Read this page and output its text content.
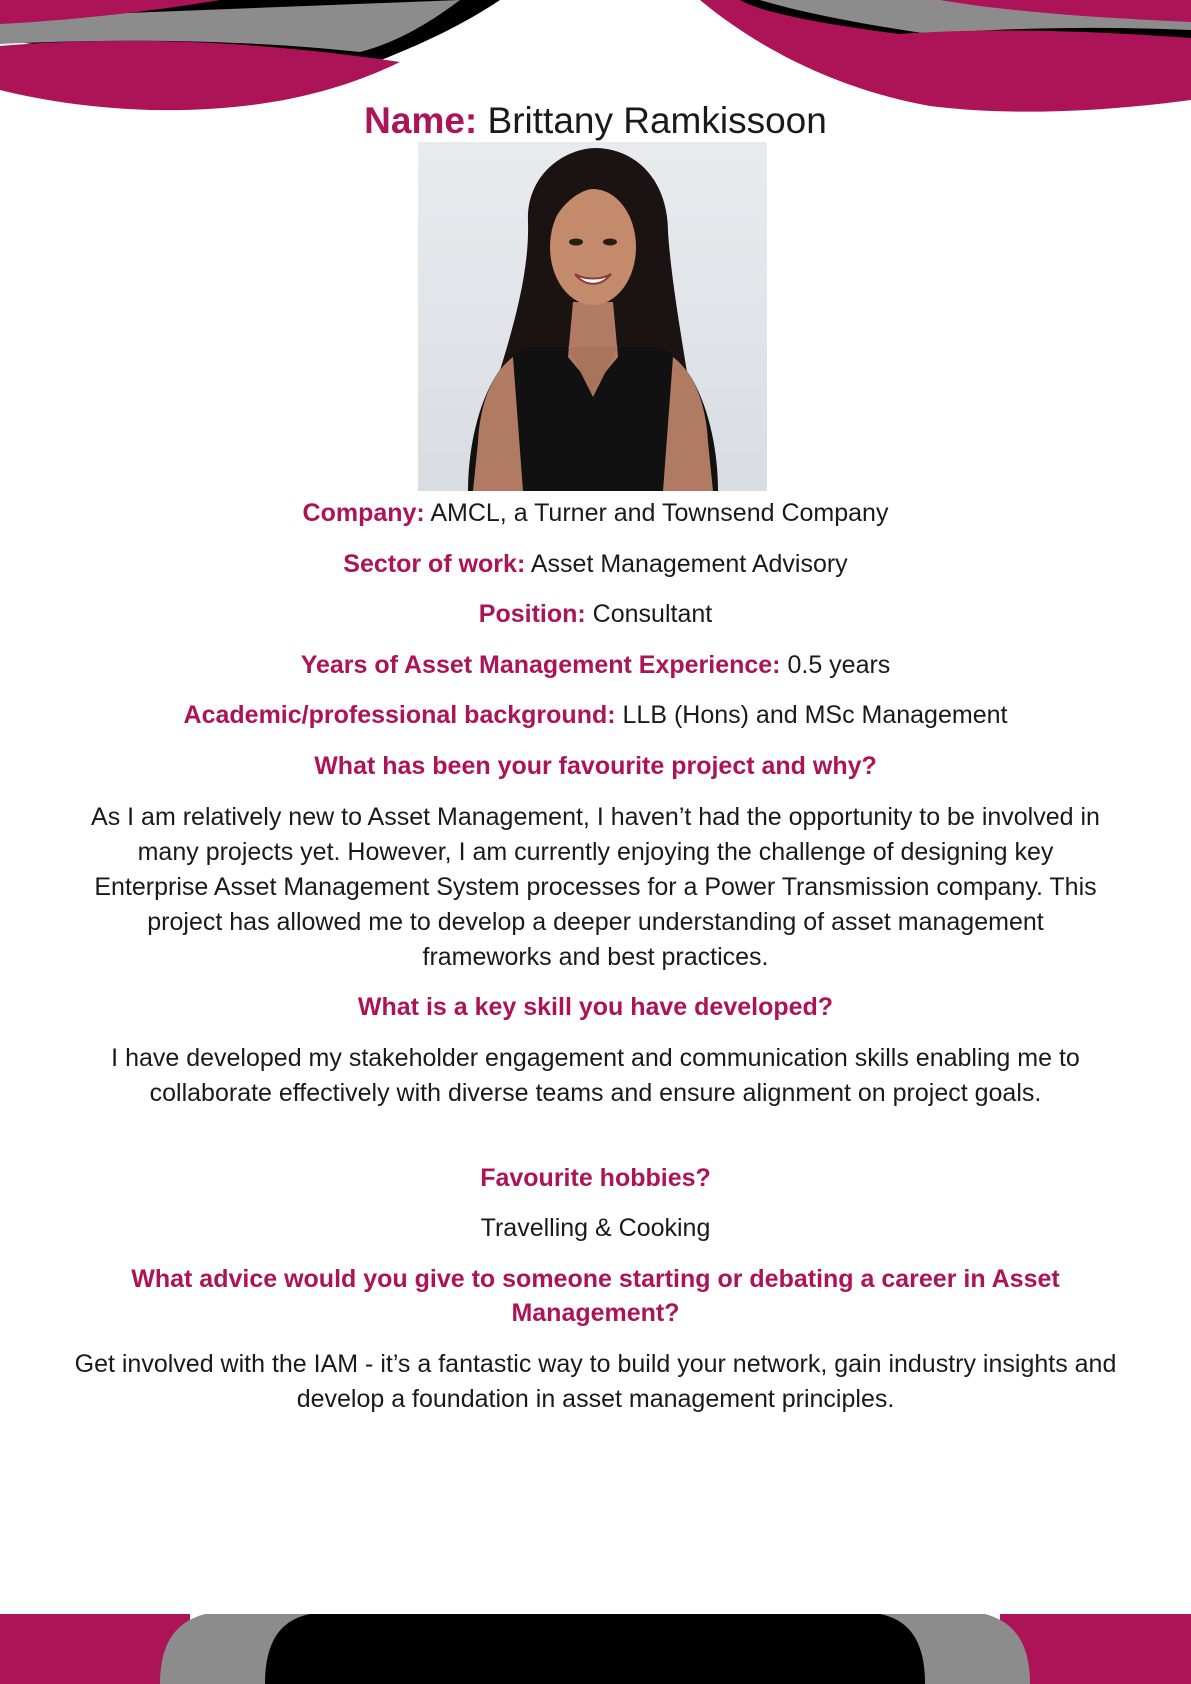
Name: Brittany Ramkissoon
Company: AMCL, a Turner and Townsend Company
Sector of work: Asset Management Advisory
Position: Consultant
Years of Asset Management Experience: 0.5 years
Academic/professional background: LLB (Hons) and MSc Management
What has been your favourite project and why?
As I am relatively new to Asset Management, I haven’t had the opportunity to be involved in many projects yet. However, I am currently enjoying the challenge of designing key Enterprise Asset Management System processes for a Power Transmission company. This project has allowed me to develop a deeper understanding of asset management frameworks and best practices.
What is a key skill you have developed?
I have developed my stakeholder engagement and communication skills enabling me to collaborate effectively with diverse teams and ensure alignment on project goals.
Favourite hobbies?
Travelling & Cooking
What advice would you give to someone starting or debating a career in Asset Management?
Get involved with the IAM - it’s a fantastic way to build your network, gain industry insights and develop a foundation in asset management principles.
